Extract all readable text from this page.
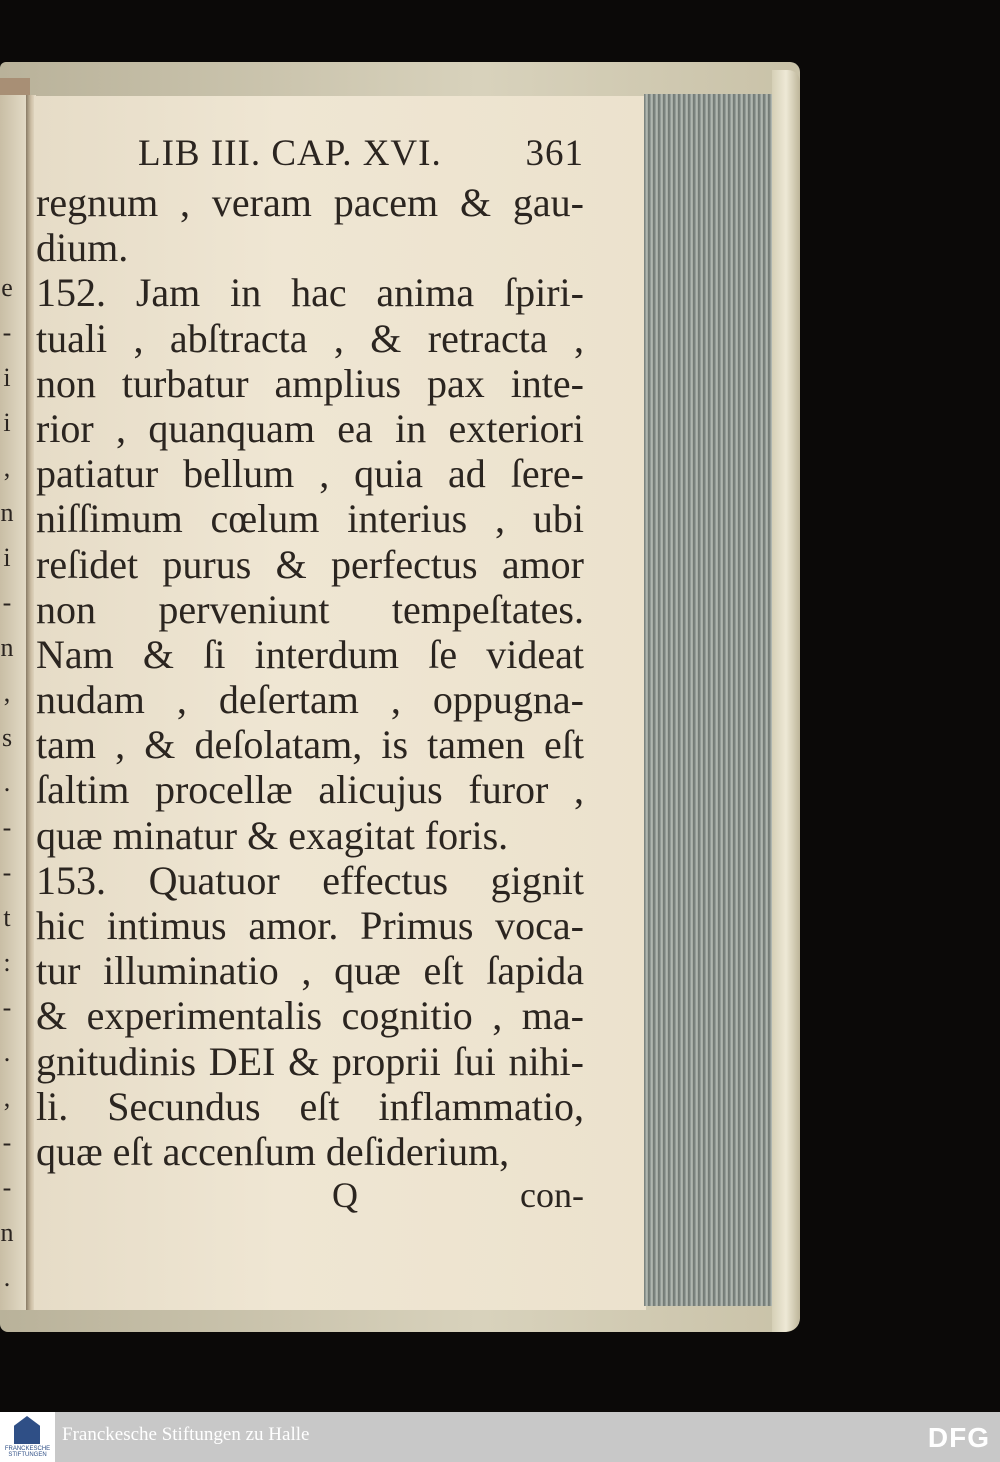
e
-
i
i
,
n
i
-
n
,
s
.
-
-
t
:
-
.
,
-
-
n
.
LIB III. CAP. XVI. 361
regnum , veram pacem & gau-
dium.
152. Jam in hac anima ſpiri-
tuali , abſtracta , & retracta ,
non turbatur amplius pax inte-
rior , quanquam ea in exteriori
patiatur bellum , quia ad ſere-
niſſimum cœlum interius , ubi
reſidet purus & perfectus amor
non perveniunt tempeſtates.
Nam & ſi interdum ſe videat
nudam , deſertam , oppugna-
tam , & deſolatam, is tamen eſt
ſaltim procellæ alicujus furor ,
quæ minatur & exagitat foris.
153. Quatuor effectus gignit
hic intimus amor. Primus voca-
tur illuminatio , quæ eſt ſapida
& experimentalis cognitio , ma-
gnitudinis DEI & proprii ſui nihi-
li. Secundus eſt inflammatio,
quæ eſt accenſum deſiderium,
Q	con-
FRANCKESCHE STIFTUNGEN
Franckesche Stiftungen zu Halle	DFG
